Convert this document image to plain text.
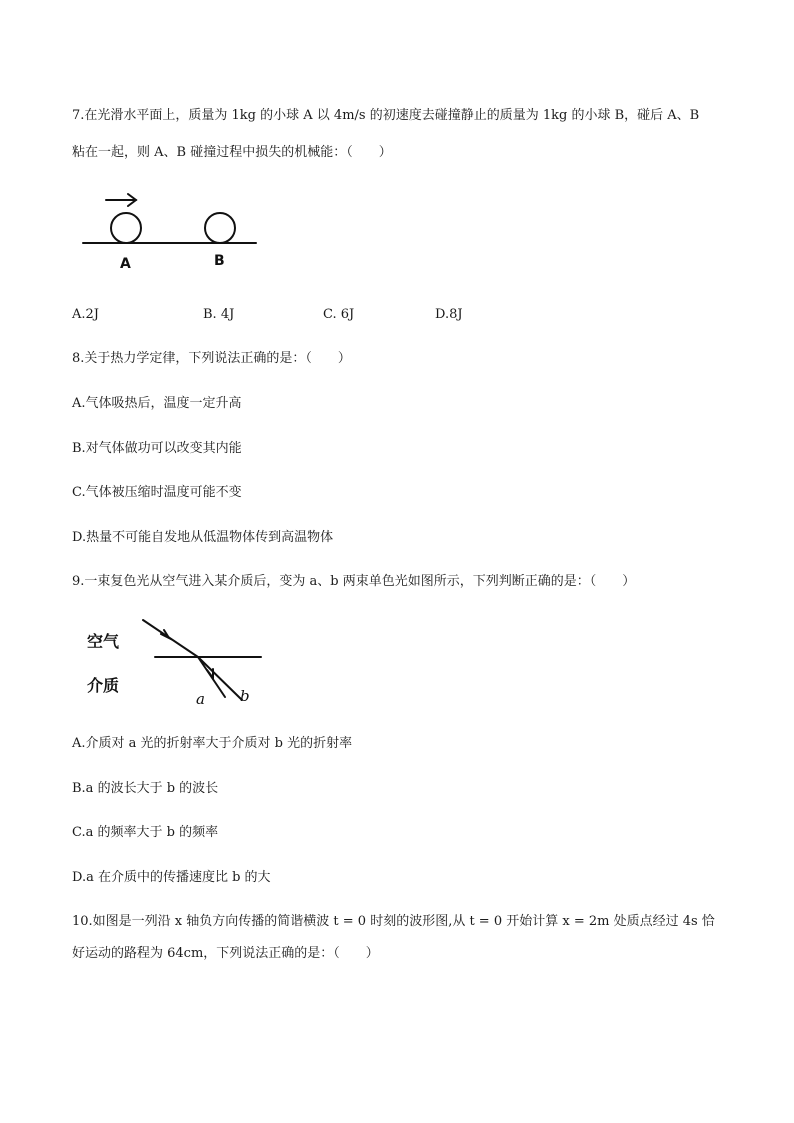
7.在光滑水平面上，质量为 1kg 的小球 A 以 4m/s 的初速度去碰撞静止的质量为 1kg 的小球 B，碰后 A、B
粘在一起，则 A、B 碰撞过程中损失的机械能：（　　）
A	B
A.2J	B. 4J	C. 6J	D.8J
8.关于热力学定律，下列说法正确的是：（　　）
A.气体吸热后，温度一定升高
B.对气体做功可以改变其内能
C.气体被压缩时温度可能不变
D.热量不可能自发地从低温物体传到高温物体
9.一束复色光从空气进入某介质后，变为 a、b 两束单色光如图所示，下列判断正确的是：（　　）
空气
介质
a b
A.介质对 a 光的折射率大于介质对 b 光的折射率
B.a 的波长大于 b 的波长
C.a 的频率大于 b 的频率
D.a 在介质中的传播速度比 b 的大
10.如图是一列沿 x 轴负方向传播的简谐横波 t = 0 时刻的波形图,从 t = 0 开始计算 x = 2m 处质点经过 4s 恰
好运动的路程为 64cm，下列说法正确的是：（　　）
